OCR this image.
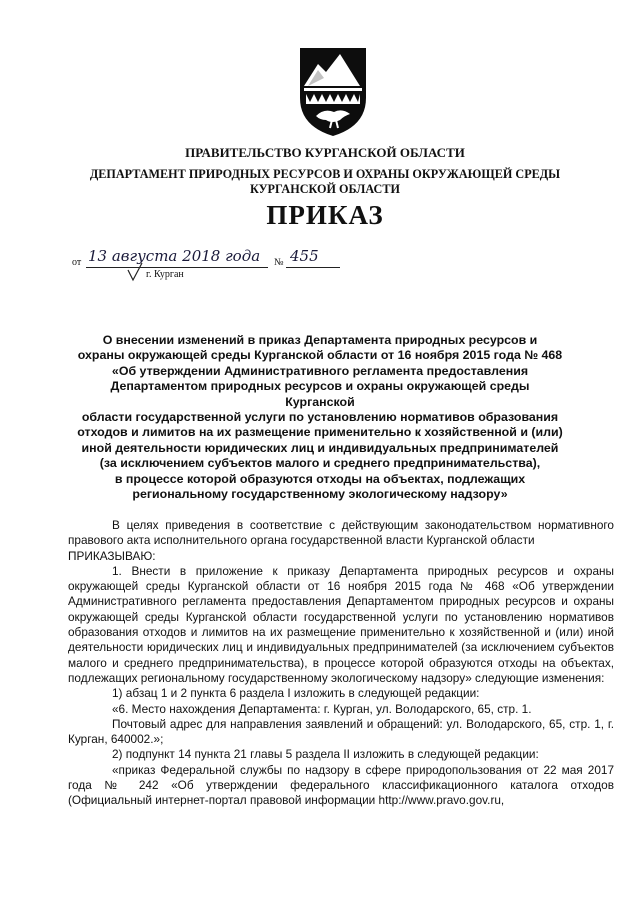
ПРАВИТЕЛЬСТВО КУРГАНСКОЙ ОБЛАСТИ
ДЕПАРТАМЕНТ ПРИРОДНЫХ РЕСУРСОВ И ОХРАНЫ ОКРУЖАЮЩЕЙ СРЕДЫ
КУРГАНСКОЙ ОБЛАСТИ
ПРИКАЗ
от 13 августа 2018 года № 455
г. Курган
О внесении изменений в приказ Департамента природных ресурсов и
охраны окружающей среды Курганской области от 16 ноября 2015 года № 468
«Об утверждении Административного регламента предоставления
Департаментом природных ресурсов и охраны окружающей среды Курганской
области государственной услуги по установлению нормативов образования
отходов и лимитов на их размещение применительно к хозяйственной и (или)
иной деятельности юридических лиц и индивидуальных предпринимателей
(за исключением субъектов малого и среднего предпринимательства),
в процессе которой образуются отходы на объектах, подлежащих
региональному государственному экологическому надзору»

В целях приведения в соответствие с действующим законодательством нормативного правового акта исполнительного органа государственной власти Курганской области

ПРИКАЗЫВАЮ:

1. Внести в приложение к приказу Департамента природных ресурсов и охраны окружающей среды Курганской области от 16 ноября 2015 года № 468 «Об утверждении Административного регламента предоставления Департаментом природных ресурсов и охраны окружающей среды Курганской области государственной услуги по установлению нормативов образования отходов и лимитов на их размещение применительно к хозяйственной и (или) иной деятельности юридических лиц и индивидуальных предпринимателей (за исключением субъектов малого и среднего предпринимательства), в процессе которой образуются отходы на объектах, подлежащих региональному государственному экологическому надзору» следующие изменения:

1) абзац 1 и 2 пункта 6 раздела I изложить в следующей редакции:

«6. Место нахождения Департамента: г. Курган, ул. Володарского, 65, стр. 1.

Почтовый адрес для направления заявлений и обращений: ул. Володарского, 65, стр. 1, г. Курган, 640002.»;

2) подпункт 14 пункта 21 главы 5 раздела II изложить в следующей редакции:

«приказ Федеральной службы по надзору в сфере природопользования от 22 мая 2017 года № 242 «Об утверждении федерального классификационного каталога отходов (Официальный интернет-портал правовой информации http://www.pravo.gov.ru,
